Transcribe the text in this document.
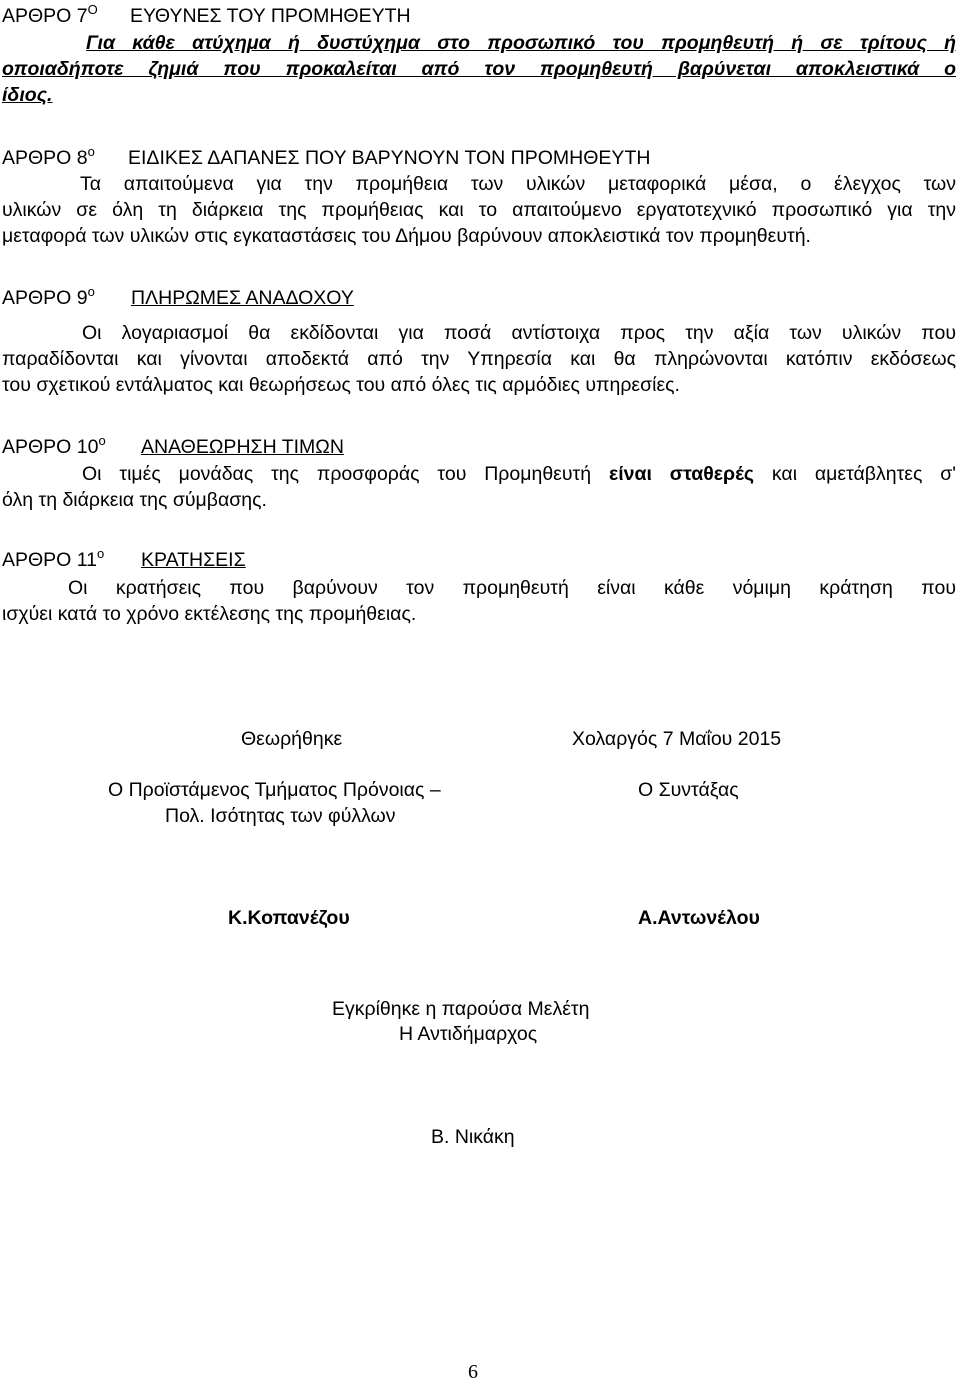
ΑΡΘΡΟ $7^O$ ΕΥΘΥΝΕΣ ΤΟΥ ΠΡΟΜΗΘΕΥΤΗ
Για κάθε ατύχημα ή δυστύχημα στο προσωπικό του προμηθευτή ή σε τρίτους ή
οποιαδήποτε ζημιά που προκαλείται από τον προμηθευτή βαρύνεται αποκλειστικά ο
ίδιος.
ΑΡΘΡΟ $8^o$ ΕΙΔΙΚΕΣ ΔΑΠΑΝΕΣ ΠΟΥ ΒΑΡΥΝΟΥΝ ΤΟΝ ΠΡΟΜΗΘΕΥΤΗ
Τα απαιτούμενα για την προμήθεια των υλικών μεταφορικά μέσα, ο έλεγχος των
υλικών σε όλη τη διάρκεια της προμήθειας και το απαιτούμενο εργατοτεχνικό προσωπικό για την
μεταφορά των υλικών στις εγκαταστάσεις του Δήμου βαρύνουν αποκλειστικά τον προμηθευτή.
ΑΡΘΡΟ $9^o$ ΠΛΗΡΩΜΕΣ ΑΝΑΔΟΧΟΥ
Οι λογαριασμοί θα εκδίδονται για ποσά αντίστοιχα προς την αξία των υλικών που
παραδίδονται και γίνονται αποδεκτά από την Υπηρεσία και θα πληρώνονται κατόπιν εκδόσεως
του σχετικού εντάλματος και θεωρήσεως του από όλες τις αρμόδιες υπηρεσίες.
ΑΡΘΡΟ $10^o$ ΑΝΑΘΕΩΡΗΣΗ ΤΙΜΩΝ
Οι τιμές μονάδας της προσφοράς του Προμηθευτή είναι σταθερές και αμετάβλητες σ'
όλη τη διάρκεια της σύμβασης.
ΑΡΘΡΟ $11^o$ ΚΡΑΤΗΣΕΙΣ
Οι κρατήσεις που βαρύνουν τον προμηθευτή είναι κάθε νόμιμη κράτηση που
ισχύει κατά το χρόνο εκτέλεσης της προμήθειας.
Θεωρήθηκε	Χολαργός 7 Μαΐου 2015
Ο Προϊστάμενος Τμήματος Πρόνοιας –
Πολ. Ισότητας των φύλλων
Ο Συντάξας
Κ.Κοπανέζου	Α.Αντωνέλου
Εγκρίθηκε η παρούσα Μελέτη
Η Αντιδήμαρχος
Β. Νικάκη
6
